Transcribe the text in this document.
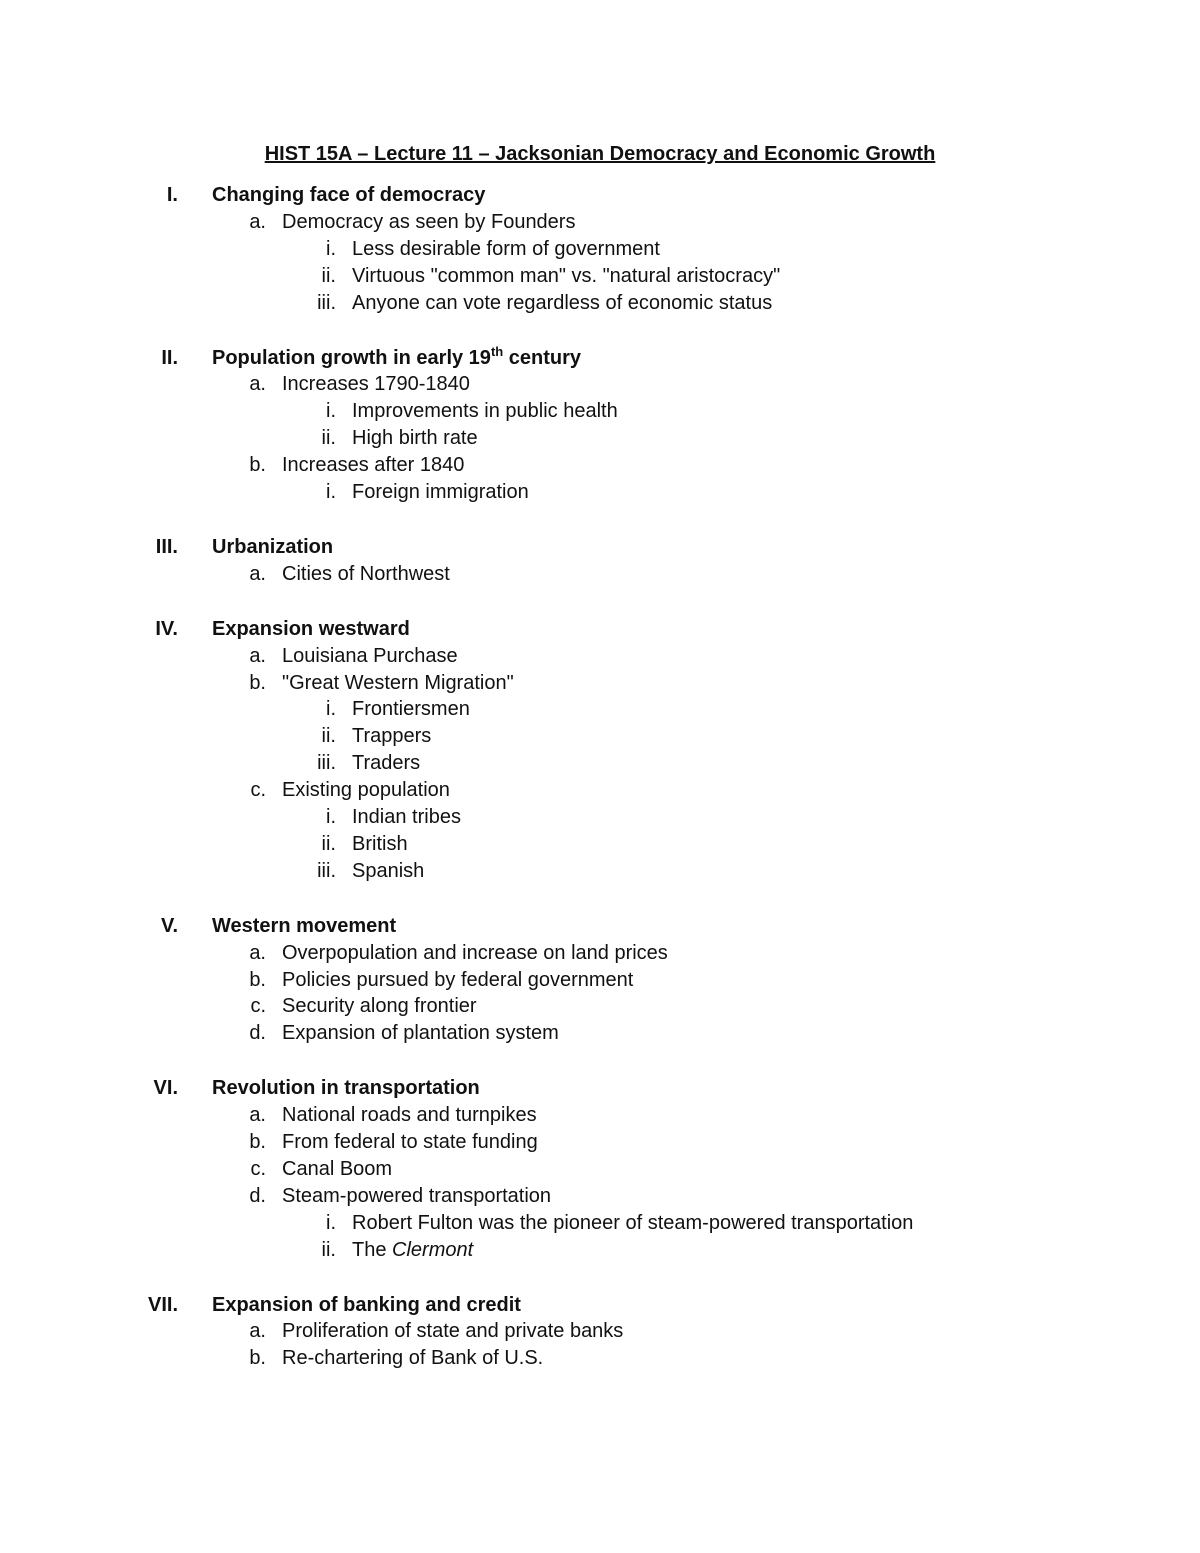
HIST 15A – Lecture 11 – Jacksonian Democracy and Economic Growth
I. Changing face of democracy
a. Democracy as seen by Founders
i. Less desirable form of government
ii. Virtuous "common man" vs. "natural aristocracy"
iii. Anyone can vote regardless of economic status
II. Population growth in early 19th century
a. Increases 1790-1840
i. Improvements in public health
ii. High birth rate
b. Increases after 1840
i. Foreign immigration
III. Urbanization
a. Cities of Northwest
IV. Expansion westward
a. Louisiana Purchase
b. "Great Western Migration"
i. Frontiersmen
ii. Trappers
iii. Traders
c. Existing population
i. Indian tribes
ii. British
iii. Spanish
V. Western movement
a. Overpopulation and increase on land prices
b. Policies pursued by federal government
c. Security along frontier
d. Expansion of plantation system
VI. Revolution in transportation
a. National roads and turnpikes
b. From federal to state funding
c. Canal Boom
d. Steam-powered transportation
i. Robert Fulton was the pioneer of steam-powered transportation
ii. The Clermont
VII. Expansion of banking and credit
a. Proliferation of state and private banks
b. Re-chartering of Bank of U.S.
